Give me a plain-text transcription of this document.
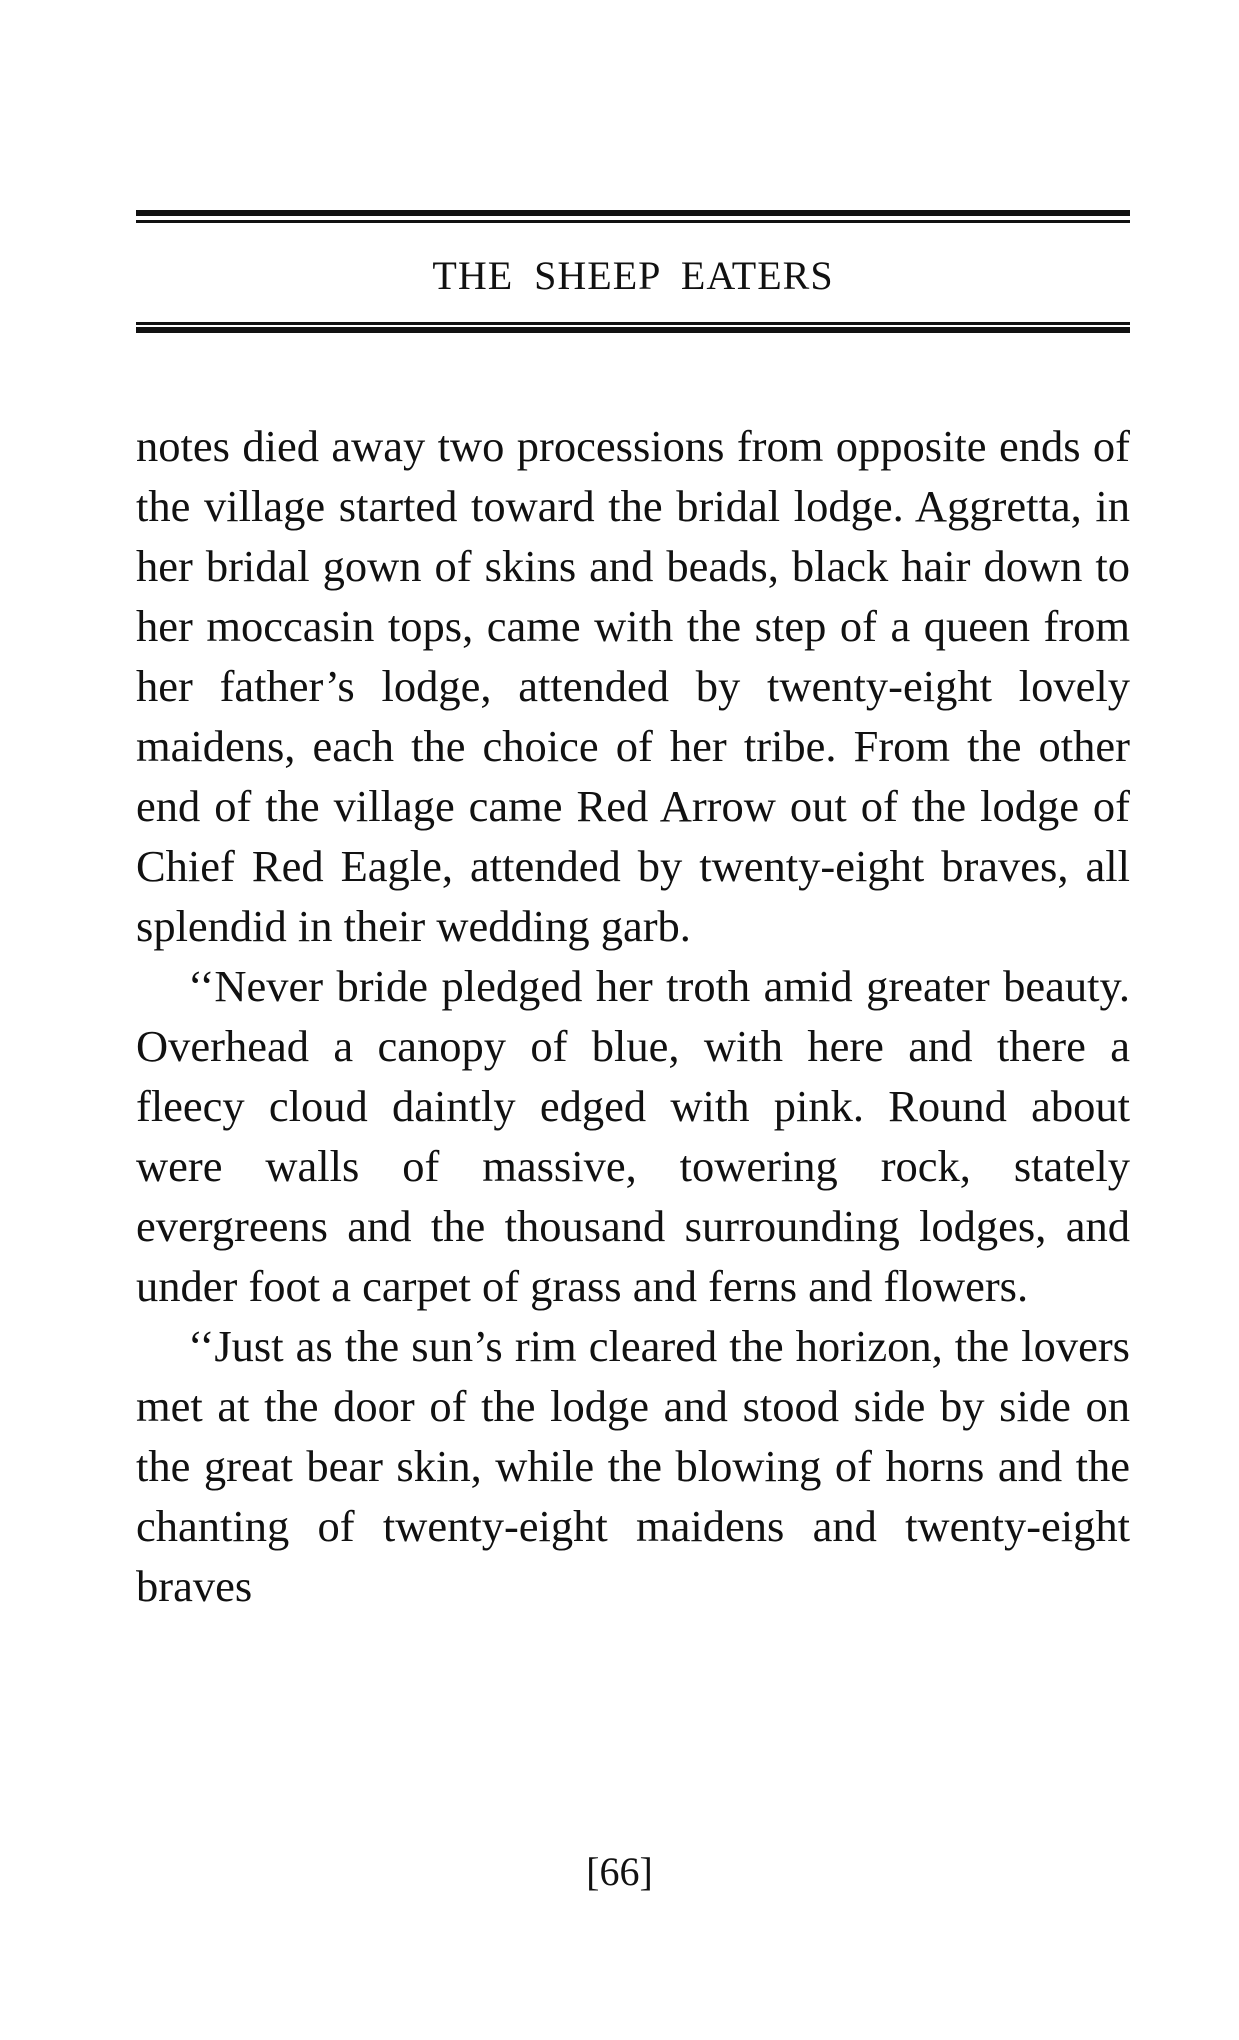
THE SHEEP EATERS

notes died away two processions from opposite ends of the village started toward the bridal lodge. Aggretta, in her bridal gown of skins and beads, black hair down to her moccasin tops, came with the step of a queen from her father’s lodge, attended by twenty-eight lovely maidens, each the choice of her tribe. From the other end of the village came Red Arrow out of the lodge of Chief Red Eagle, attended by twenty-eight braves, all splendid in their wedding garb.

‘‘Never bride pledged her troth amid greater beauty. Overhead a canopy of blue, with here and there a fleecy cloud daintly edged with pink. Round about were walls of massive, towering rock, stately evergreens and the thousand surrounding lodges, and under foot a carpet of grass and ferns and flowers.

‘‘Just as the sun’s rim cleared the horizon, the lovers met at the door of the lodge and stood side by side on the great bear skin, while the blowing of horns and the chanting of twenty-eight maidens and twenty-eight braves

[66]
